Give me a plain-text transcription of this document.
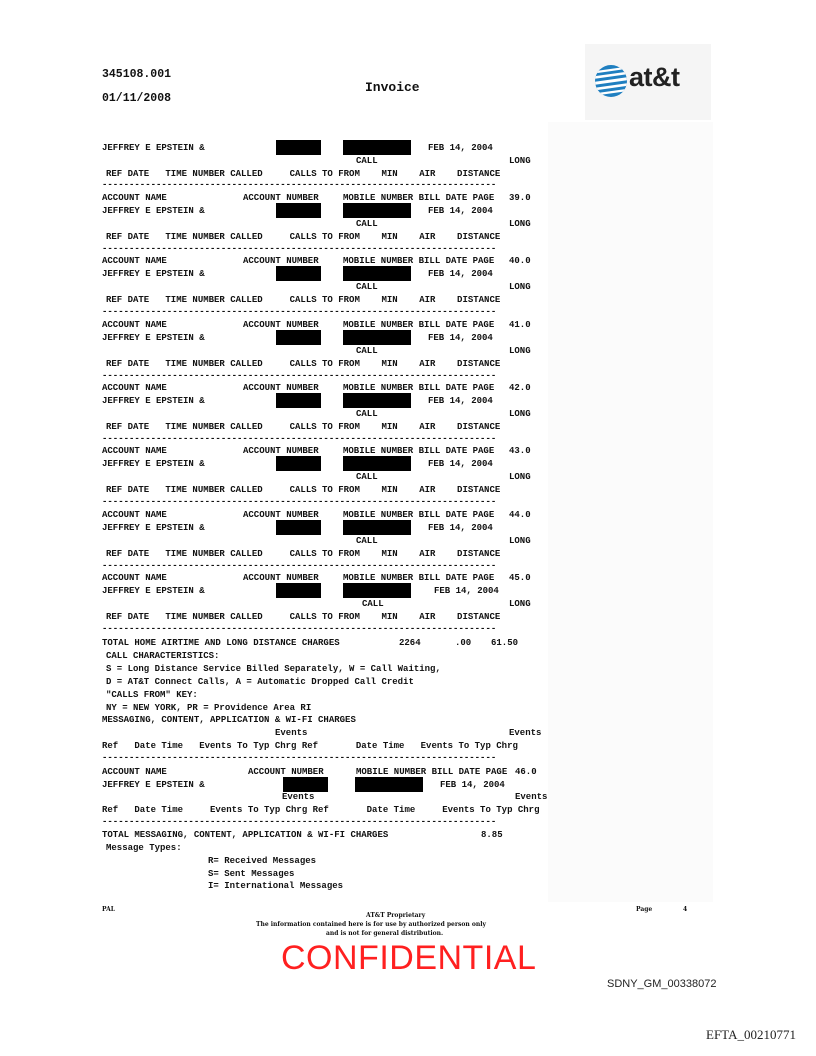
345108.001
01/11/2008
Invoice	at&t
JEFFREY E EPSTEIN &	FEB 14, 2004
CALL	LONG
REF DATE   TIME NUMBER CALLED     CALLS TO FROM    MIN    AIR    DISTANCE
-------------------------------------------------------------------------
ACCOUNT NAME	ACCOUNT NUMBER	MOBILE NUMBER BILL DATE PAGE 39.0
JEFFREY E EPSTEIN &	FEB 14, 2004
CALL	LONG
REF DATE   TIME NUMBER CALLED     CALLS TO FROM    MIN    AIR    DISTANCE
-------------------------------------------------------------------------
ACCOUNT NAME	ACCOUNT NUMBER	MOBILE NUMBER BILL DATE PAGE 40.0
JEFFREY E EPSTEIN &	FEB 14, 2004
CALL	LONG
REF DATE   TIME NUMBER CALLED     CALLS TO FROM    MIN    AIR    DISTANCE
-------------------------------------------------------------------------
ACCOUNT NAME	ACCOUNT NUMBER	MOBILE NUMBER BILL DATE PAGE 41.0
JEFFREY E EPSTEIN &	FEB 14, 2004
CALL	LONG
REF DATE   TIME NUMBER CALLED     CALLS TO FROM    MIN    AIR    DISTANCE
-------------------------------------------------------------------------
ACCOUNT NAME	ACCOUNT NUMBER	MOBILE NUMBER BILL DATE PAGE 42.0
JEFFREY E EPSTEIN &	FEB 14, 2004
CALL	LONG
REF DATE   TIME NUMBER CALLED     CALLS TO FROM    MIN    AIR    DISTANCE
-------------------------------------------------------------------------
ACCOUNT NAME	ACCOUNT NUMBER	MOBILE NUMBER BILL DATE PAGE 43.0
JEFFREY E EPSTEIN &	FEB 14, 2004
CALL	LONG
REF DATE   TIME NUMBER CALLED     CALLS TO FROM    MIN    AIR    DISTANCE
-------------------------------------------------------------------------
ACCOUNT NAME	ACCOUNT NUMBER	MOBILE NUMBER BILL DATE PAGE 44.0
JEFFREY E EPSTEIN &	FEB 14, 2004
CALL	LONG
REF DATE   TIME NUMBER CALLED     CALLS TO FROM    MIN    AIR    DISTANCE
-------------------------------------------------------------------------
ACCOUNT NAME	ACCOUNT NUMBER	MOBILE NUMBER BILL DATE PAGE 45.0
JEFFREY E EPSTEIN &	FEB 14, 2004
CALL	LONG
REF DATE   TIME NUMBER CALLED     CALLS TO FROM    MIN    AIR    DISTANCE
-------------------------------------------------------------------------
TOTAL HOME AIRTIME AND LONG DISTANCE CHARGES	2264	.00 61.50
CALL CHARACTERISTICS:
S = Long Distance Service Billed Separately, W = Call Waiting,
D = AT&T Connect Calls, A = Automatic Dropped Call Credit
"CALLS FROM" KEY:
NY = NEW YORK, PR = Providence Area RI
MESSAGING, CONTENT, APPLICATION & WI-FI CHARGES
Events	Events
Ref   Date Time   Events To Typ Chrg Ref       Date Time   Events To Typ Chrg
-------------------------------------------------------------------------
ACCOUNT NAME	ACCOUNT NUMBER	MOBILE NUMBER BILL DATE PAGE 46.0
JEFFREY E EPSTEIN &	FEB 14, 2004
Events	Events
Ref   Date Time     Events To Typ Chrg Ref       Date Time     Events To Typ Chrg
-------------------------------------------------------------------------
TOTAL MESSAGING, CONTENT, APPLICATION & WI-FI CHARGES	8.85
Message Types:
R= Received Messages
S= Sent Messages
I= International Messages
PAL
AT&T Proprietary
The information contained here is for use by authorized person only
and is not for general distribution.
Page	4
CONFIDENTIAL
SDNY_GM_00338072
EFTA_00210771
